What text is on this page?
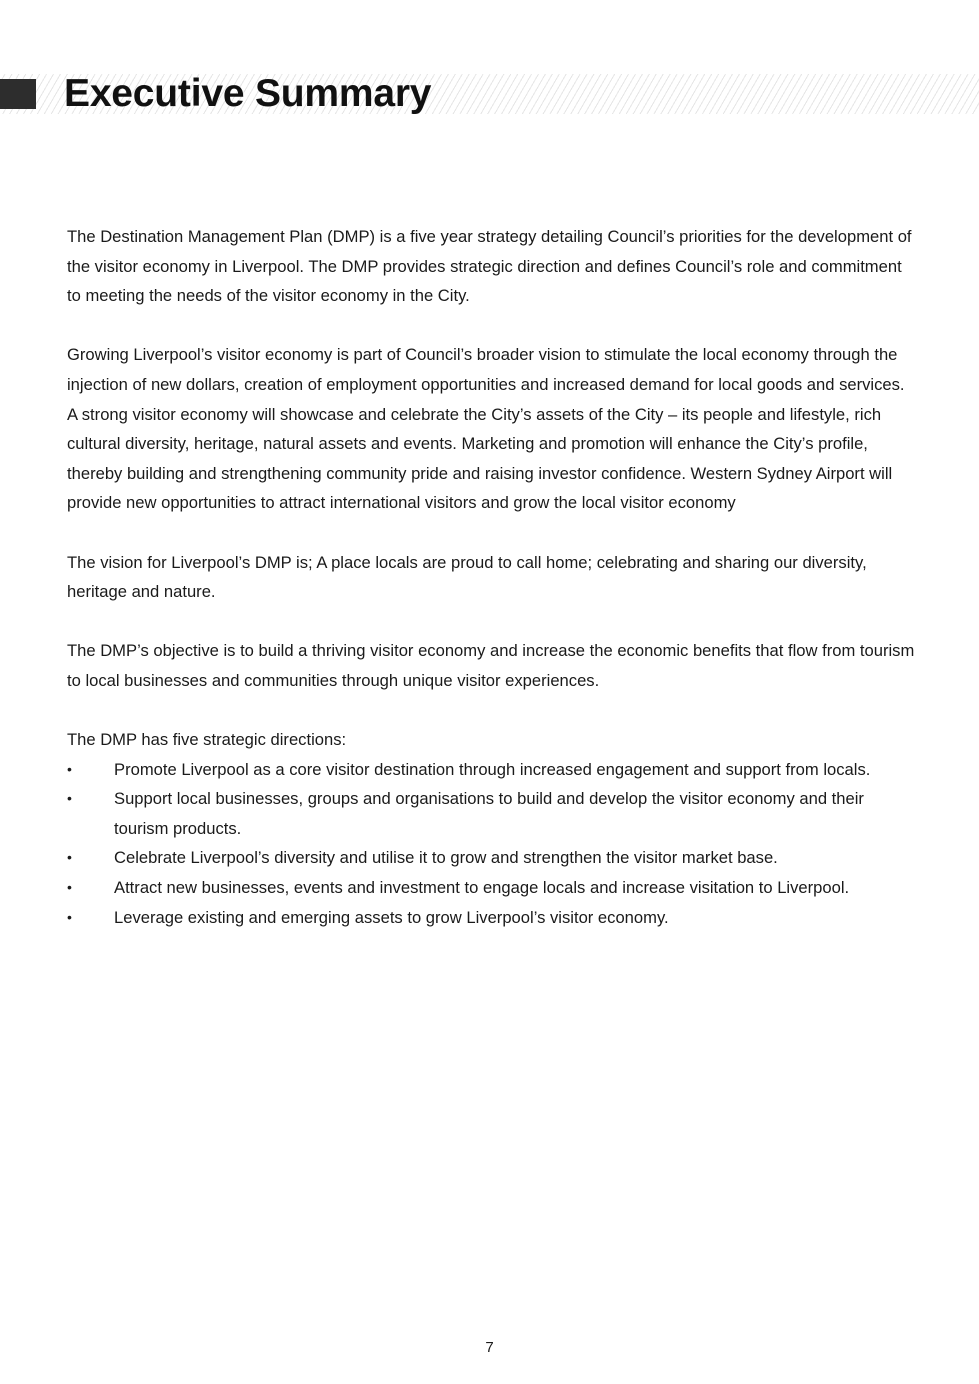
Executive Summary

The Destination Management Plan (DMP) is a five year strategy detailing Council’s priorities for the development of the visitor economy in Liverpool. The DMP provides strategic direction and defines Council’s role and commitment to meeting the needs of the visitor economy in the City.

Growing Liverpool’s visitor economy is part of Council’s broader vision to stimulate the local economy through the injection of new dollars, creation of employment opportunities and increased demand for local goods and services. A strong visitor economy will showcase and celebrate the City’s assets of the City – its people and lifestyle, rich cultural diversity, heritage, natural assets and events. Marketing and promotion will enhance the City’s profile, thereby building and strengthening community pride and raising investor confidence. Western Sydney Airport will provide new opportunities to attract international visitors and grow the local visitor economy

The vision for Liverpool’s DMP is; A place locals are proud to call home; celebrating and sharing our diversity, heritage and nature.

The DMP’s objective is to build a thriving visitor economy and increase the economic benefits that flow from tourism to local businesses and communities through unique visitor experiences.

The DMP has five strategic directions:

•	Promote Liverpool as a core visitor destination through increased engagement and support from locals.
•	Support local businesses, groups and organisations to build and develop the visitor economy and their tourism products.
•	Celebrate Liverpool’s diversity and utilise it to grow and strengthen the visitor market base.
•	Attract new businesses, events and investment to engage locals and increase visitation to Liverpool.
•	Leverage existing and emerging assets to grow Liverpool’s visitor economy.
7
